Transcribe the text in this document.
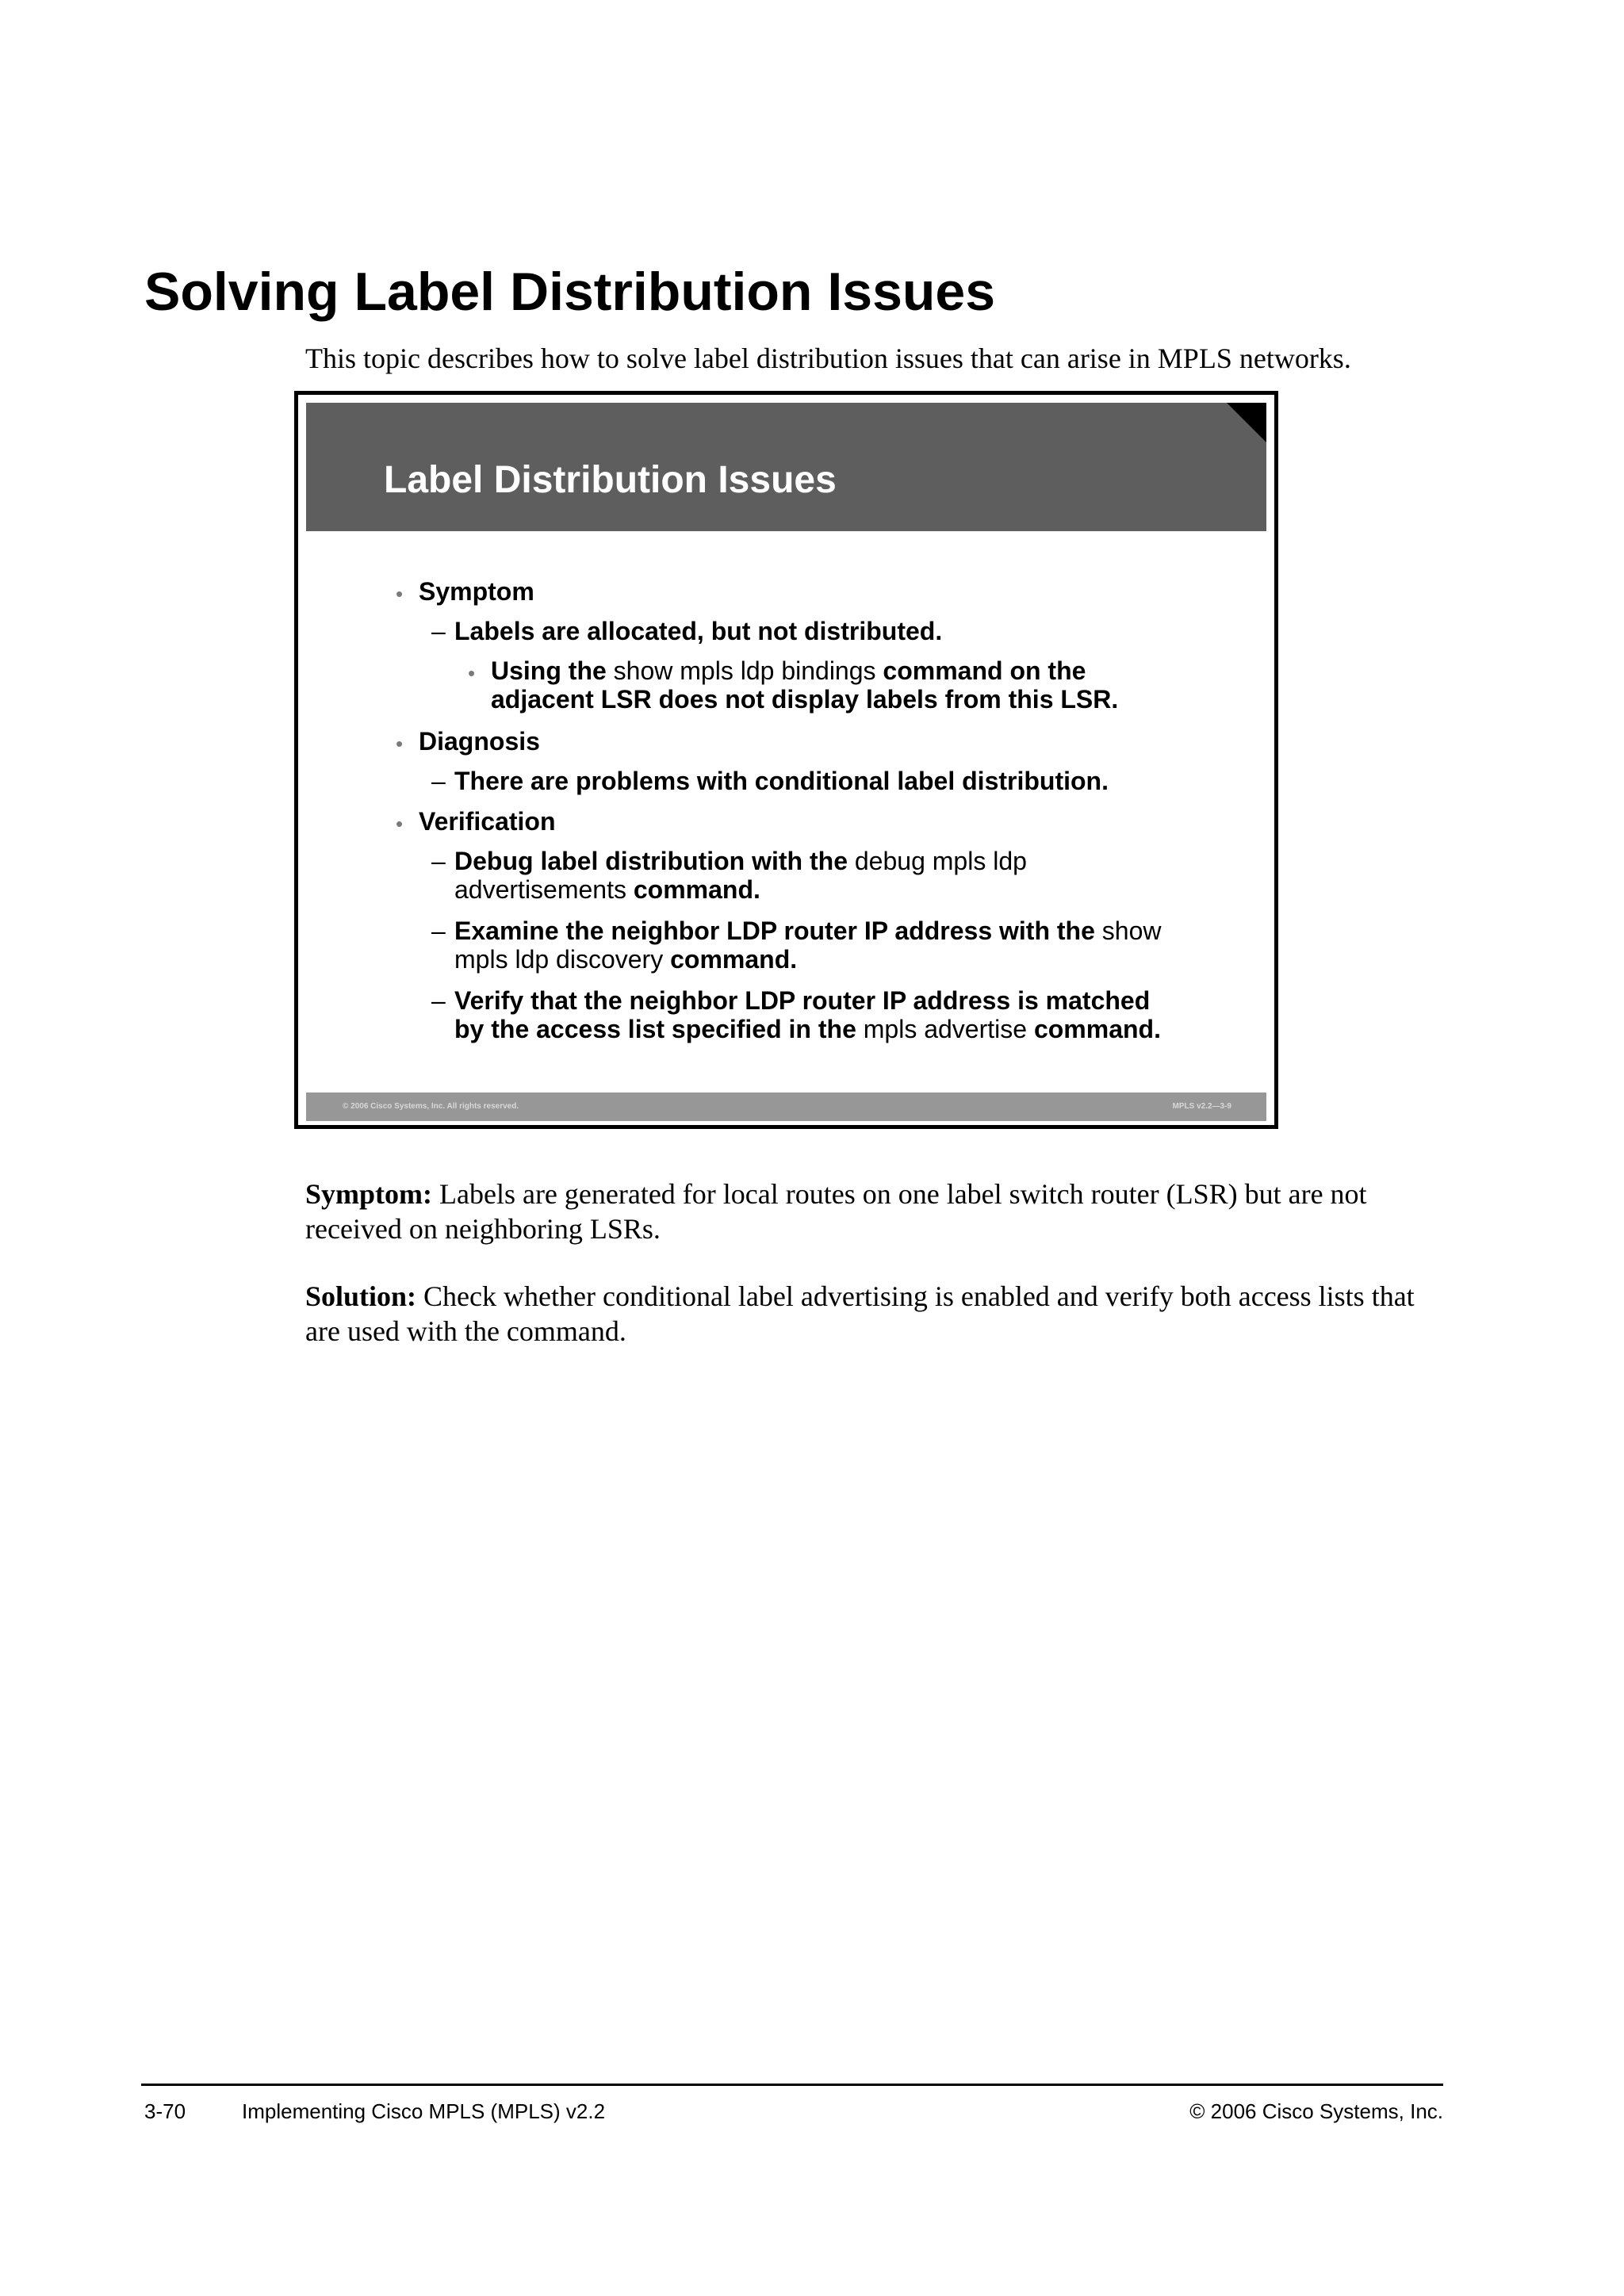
Solving Label Distribution Issues

This topic describes how to solve label distribution issues that can arise in MPLS networks.

Label Distribution Issues
• Symptom
– Labels are allocated, but not distributed.
• Using the show mpls ldp bindings command on the
adjacent LSR does not display labels from this LSR.
• Diagnosis
– There are problems with conditional label distribution.
• Verification
– Debug label distribution with the debug mpls ldp
advertisements command.
– Examine the neighbor LDP router IP address with the show
mpls ldp discovery command.
– Verify that the neighbor LDP router IP address is matched
by the access list specified in the mpls advertise command.
© 2006 Cisco Systems, Inc. All rights reserved.	MPLS v2.2—3-9

Symptom: Labels are generated for local routes on one label switch router (LSR) but are not received on neighboring LSRs.

Solution: Check whether conditional label advertising is enabled and verify both access lists that are used with the command.

3-70	Implementing Cisco MPLS (MPLS) v2.2	© 2006 Cisco Systems, Inc.
